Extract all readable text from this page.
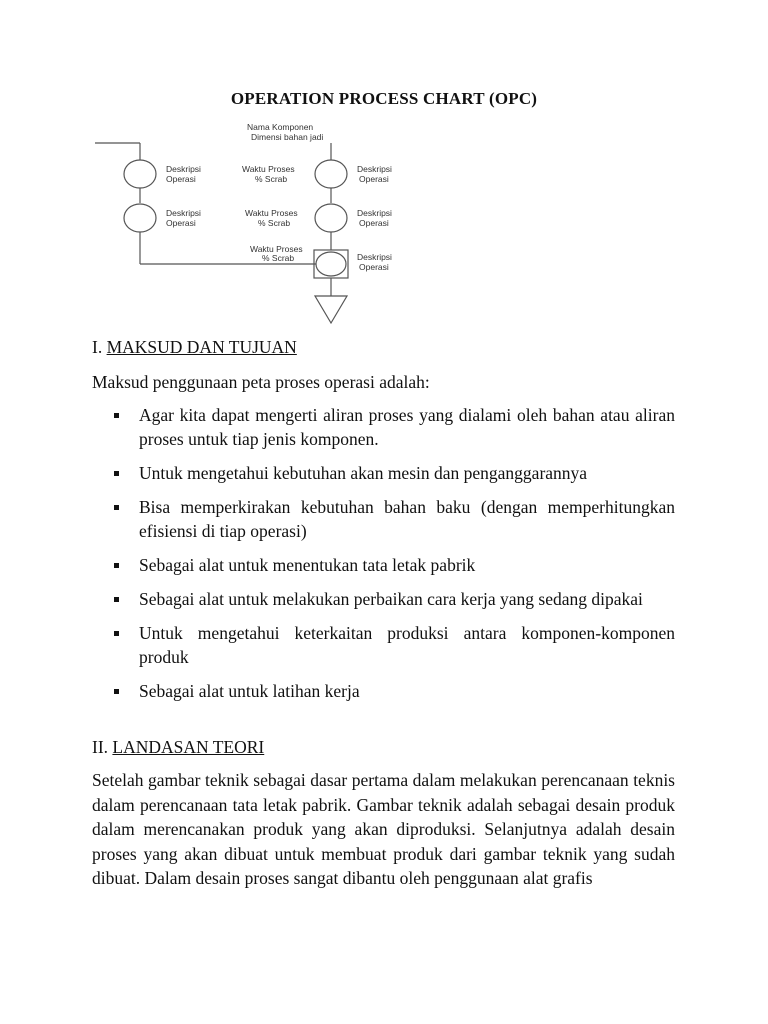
OPERATION PROCESS CHART (OPC)
Nama Komponen
Dimensi bahan jadi
Deskripsi
Operasi
Waktu Proses
% Scrab
Deskripsi
Operasi
Deskripsi
Operasi
Waktu Proses
% Scrab
Deskripsi
Operasi
Waktu Proses
% Scrab	Deskripsi
Operasi
I. MAKSUD DAN TUJUAN
Maksud penggunaan peta proses operasi adalah:
Agar kita dapat mengerti aliran proses yang dialami oleh bahan atau aliran proses untuk tiap jenis komponen.
Untuk mengetahui kebutuhan akan mesin dan penganggarannya
Bisa memperkirakan kebutuhan bahan baku (dengan memperhitungkan efisiensi di tiap operasi)
Sebagai alat untuk menentukan tata letak pabrik
Sebagai alat untuk melakukan perbaikan cara kerja yang sedang dipakai
Untuk mengetahui keterkaitan produksi antara komponen-komponen produk
Sebagai alat untuk latihan kerja
II. LANDASAN TEORI

Setelah gambar teknik sebagai dasar pertama dalam melakukan perencanaan teknis dalam perencanaan tata letak pabrik. Gambar teknik adalah sebagai desain produk dalam merencanakan produk yang akan diproduksi. Selanjutnya adalah desain proses yang akan dibuat untuk membuat produk dari gambar teknik yang sudah dibuat. Dalam desain proses sangat dibantu oleh penggunaan alat grafis
